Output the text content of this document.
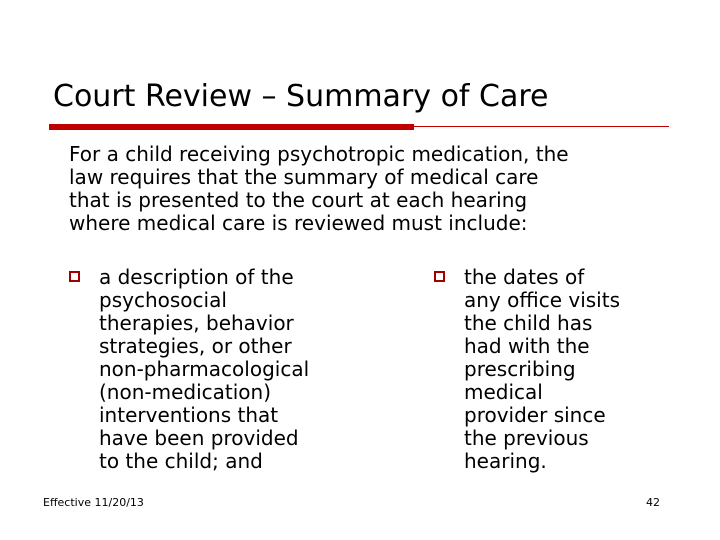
Court Review – Summary of Care

For a child receiving psychotropic medication, the
law requires that the summary of medical care
that is presented to the court at each hearing
where medical care is reviewed must include:

a description of the
psychosocial
therapies, behavior
strategies, or other
non-pharmacological
(non-medication)
interventions that
have been provided
to the child; and
the dates of
any office visits
the child has
had with the
prescribing
medical
provider since
the previous
hearing.
Effective 11/20/13	42
